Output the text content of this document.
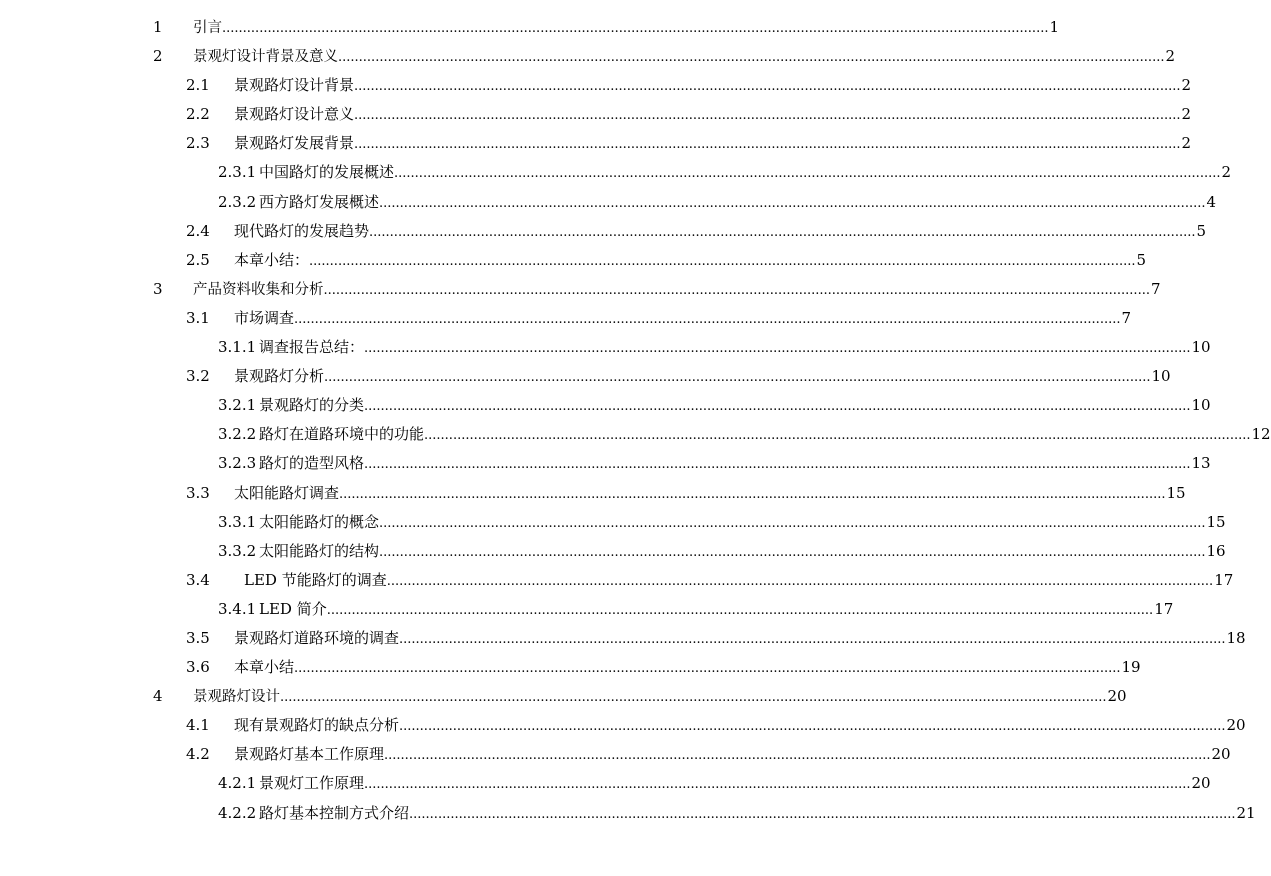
1 引言 ........................................................................................................................................................................................................ 1
2 景观灯设计背景及意义 ........................................................................................................................................................................................................ 2
2.1 景观路灯设计背景 ........................................................................................................................................................................................................ 2
2.2 景观路灯设计意义 ........................................................................................................................................................................................................ 2
2.3 景观路灯发展背景 ........................................................................................................................................................................................................ 2
2.3.1 中国路灯的发展概述 ........................................................................................................................................................................................................ 2
2.3.2 西方路灯发展概述 ........................................................................................................................................................................................................ 4
2.4 现代路灯的发展趋势 ........................................................................................................................................................................................................ 5
2.5 本章小结： ........................................................................................................................................................................................................ 5
3 产品资料收集和分析 ........................................................................................................................................................................................................ 7
3.1 市场调查 ........................................................................................................................................................................................................ 7
3.1.1 调查报告总结： ........................................................................................................................................................................................................ 10
3.2 景观路灯分析 ........................................................................................................................................................................................................ 10
3.2.1 景观路灯的分类 ........................................................................................................................................................................................................ 10
3.2.2 路灯在道路环境中的功能 ........................................................................................................................................................................................................ 12
3.2.3 路灯的造型风格 ........................................................................................................................................................................................................ 13
3.3 太阳能路灯调查 ........................................................................................................................................................................................................ 15
3.3.1 太阳能路灯的概念 ........................................................................................................................................................................................................ 15
3.3.2 太阳能路灯的结构 ........................................................................................................................................................................................................ 16
3.4 LED 节能路灯的调查 ........................................................................................................................................................................................................ 17
3.4.1 LED 简介 ........................................................................................................................................................................................................ 17
3.5 景观路灯道路环境的调查 ........................................................................................................................................................................................................ 18
3.6 本章小结 ........................................................................................................................................................................................................ 19
4 景观路灯设计 ........................................................................................................................................................................................................ 20
4.1 现有景观路灯的缺点分析 ........................................................................................................................................................................................................ 20
4.2 景观路灯基本工作原理 ........................................................................................................................................................................................................ 20
4.2.1 景观灯工作原理 ........................................................................................................................................................................................................ 20
4.2.2 路灯基本控制方式介绍 ........................................................................................................................................................................................................ 21
